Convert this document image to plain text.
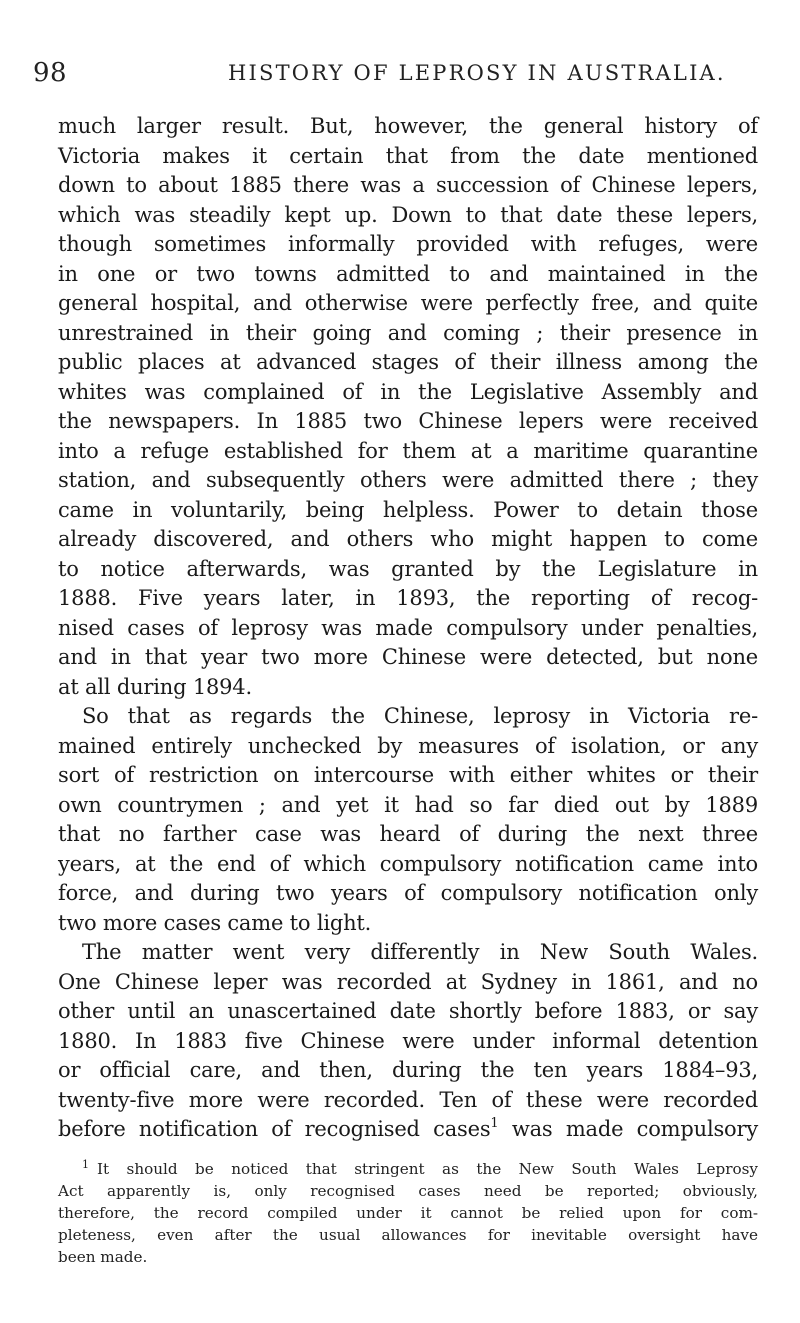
98	HISTORY OF LEPROSY IN AUSTRALIA.
much larger result. But, however, the general history of
Victoria makes it certain that from the date mentioned
down to about 1885 there was a succession of Chinese lepers,
which was steadily kept up. Down to that date these lepers,
though sometimes informally provided with refuges, were
in one or two towns admitted to and maintained in the
general hospital, and otherwise were perfectly free, and quite
unrestrained in their going and coming ; their presence in
public places at advanced stages of their illness among the
whites was complained of in the Legislative Assembly and
the newspapers. In 1885 two Chinese lepers were received
into a refuge established for them at a maritime quarantine
station, and subsequently others were admitted there ; they
came in voluntarily, being helpless. Power to detain those
already discovered, and others who might happen to come
to notice afterwards, was granted by the Legislature in
1888. Five years later, in 1893, the reporting of recog-
nised cases of leprosy was made compulsory under penalties,
and in that year two more Chinese were detected, but none
at all during 1894.
So that as regards the Chinese, leprosy in Victoria re-
mained entirely unchecked by measures of isolation, or any
sort of restriction on intercourse with either whites or their
own countrymen ; and yet it had so far died out by 1889
that no farther case was heard of during the next three
years, at the end of which compulsory notification came into
force, and during two years of compulsory notification only
two more cases came to light.
The matter went very differently in New South Wales.
One Chinese leper was recorded at Sydney in 1861, and no
other until an unascertained date shortly before 1883, or say
1880. In 1883 five Chinese were under informal detention
or official care, and then, during the ten years 1884–93,
twenty-five more were recorded. Ten of these were recorded
before notification of recognised cases$^1$ was made compulsory
$^1$ It should be noticed that stringent as the New South Wales Leprosy
Act apparently is, only recognised cases need be reported; obviously,
therefore, the record compiled under it cannot be relied upon for com-
pleteness, even after the usual allowances for inevitable oversight have
been made.
